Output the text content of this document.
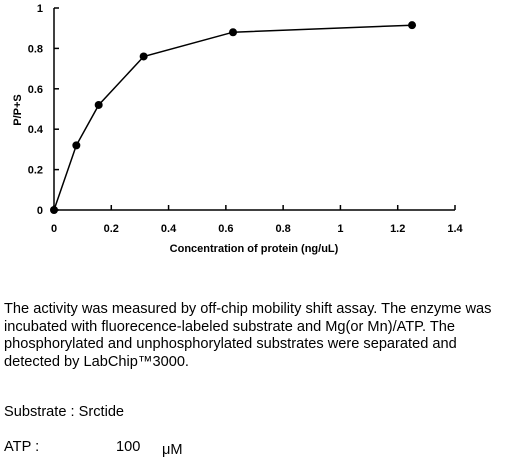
0
0.2
0.4
0.6
0.8
1
0	0.2	0.4	0.6	0.8	1	1.2	1.4
Concentration of protein (ng/uL)
P/P+S

The activity was measured by off-chip mobility shift assay. The enzyme was incubated with fluorecence-labeled substrate and Mg(or Mn)/ATP. The phosphorylated and unphosphorylated substrates were separated and detected by LabChip™3000.

Substrate : Srctide

ATP :	100 μM
